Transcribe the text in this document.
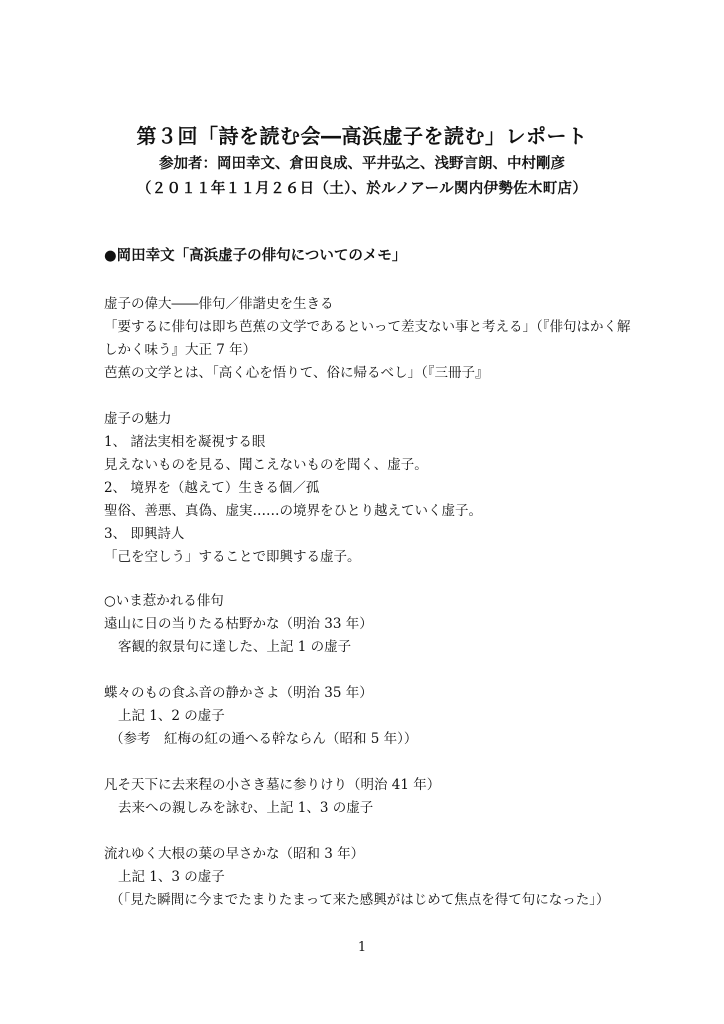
第３回「詩を読む会―高浜虚子を読む」レポート
参加者：岡田幸文、倉田良成、平井弘之、浅野言朗、中村剛彦
（２０１１年１１月２６日（土）、於ルノアール関内伊勢佐木町店）
●岡田幸文「高浜虚子の俳句についてのメモ」
虚子の偉大――俳句／俳諧史を生きる
「要するに俳句は即ち芭蕉の文学であるといって差支ない事と考える」（『俳句はかく解
しかく味う』大正 7 年）
芭蕉の文学とは、「高く心を悟りて、俗に帰るべし」（『三冊子』
虚子の魅力
1、 諸法実相を凝視する眼
見えないものを見る、聞こえないものを聞く、虚子。
2、 境界を（越えて）生きる個／孤
聖俗、善悪、真偽、虚実……の境界をひとり越えていく虚子。
3、 即興詩人
「己を空しう」することで即興する虚子。
○いま惹かれる俳句
遠山に日の当りたる枯野かな（明治 33 年）
客観的叙景句に達した、上記 1 の虚子
蝶々のもの食ふ音の静かさよ（明治 35 年）
上記 1、2 の虚子
（参考　紅梅の紅の通へる幹ならん（昭和 5 年））
凡そ天下に去来程の小さき墓に参りけり（明治 41 年）
去来への親しみを詠む、上記 1、3 の虚子
流れゆく大根の葉の早さかな（昭和 3 年）
上記 1、3 の虚子
（「見た瞬間に今までたまりたまって来た感興がはじめて焦点を得て句になった」）
1
